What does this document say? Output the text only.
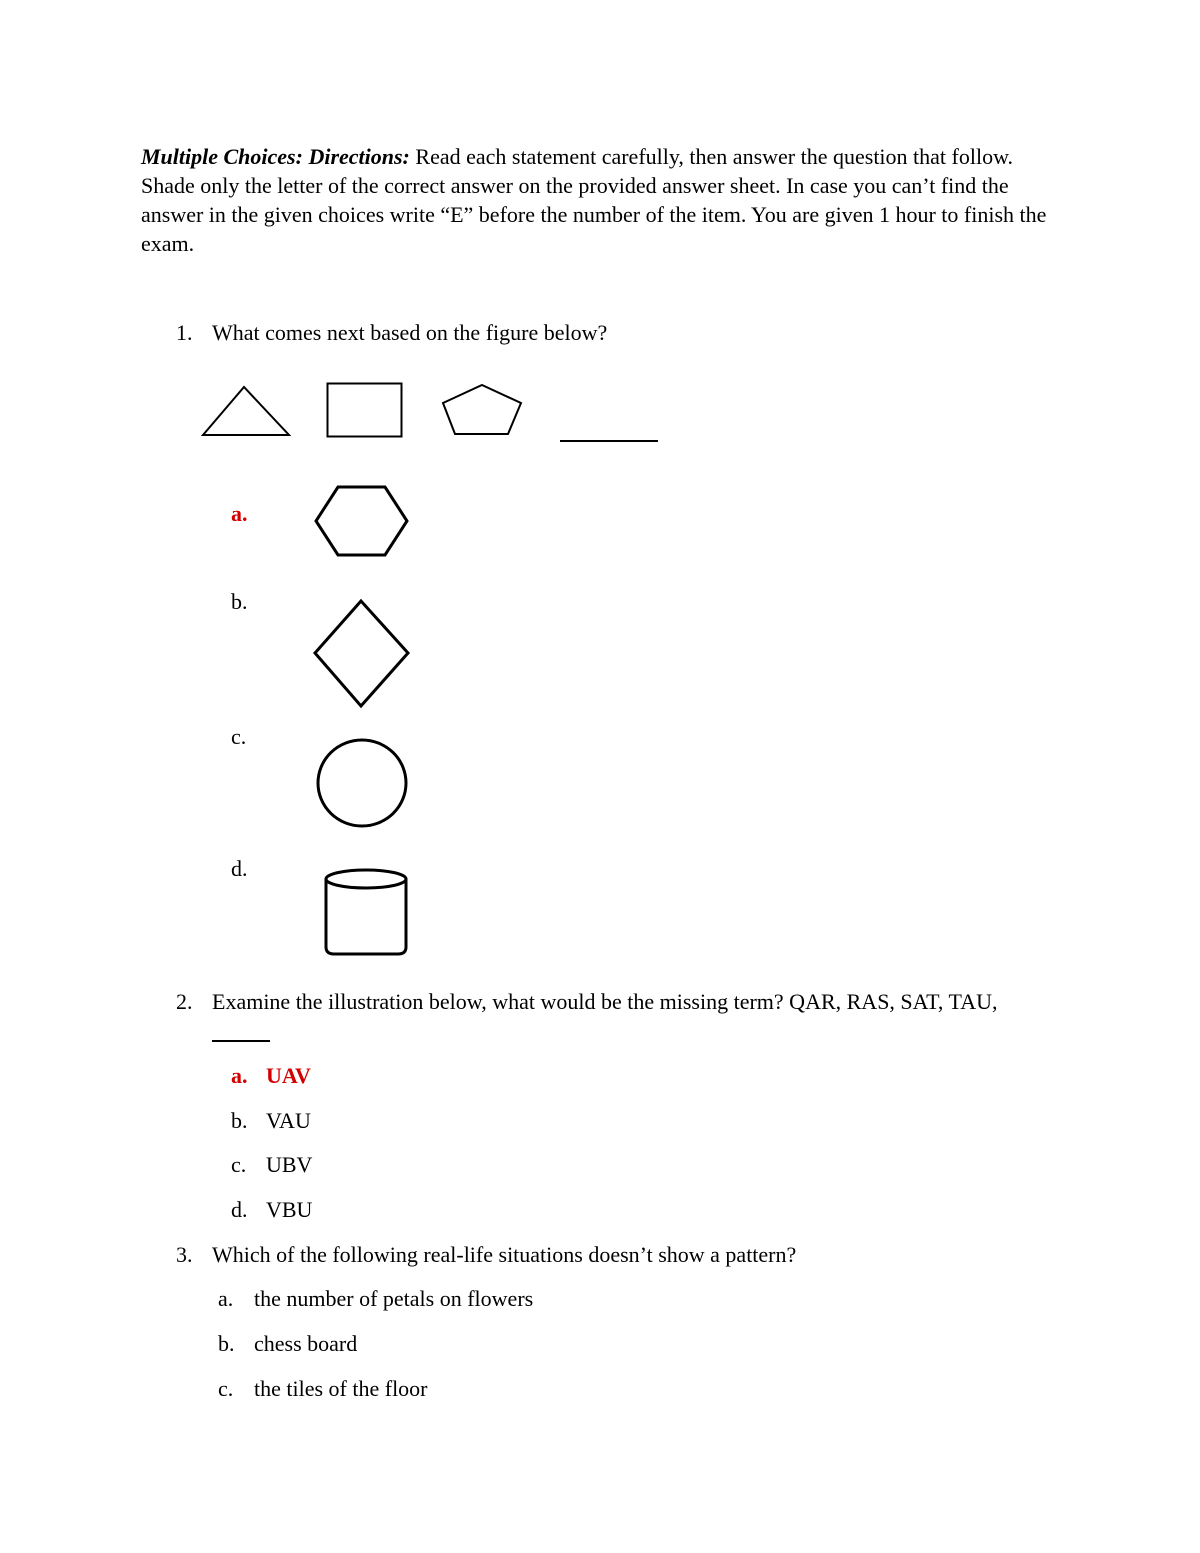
Multiple Choices: Directions: Read each statement carefully, then answer the question that follow. Shade only the letter of the correct answer on the provided answer sheet. In case you can’t find the answer in the given choices write “E” before the number of the item. You are given 1 hour to finish the exam.
1. What comes next based on the figure below?
a.
b.
c.
d.
2. Examine the illustration below, what would be the missing term? QAR, RAS, SAT, TAU,
a. UAV
b. VAU
c. UBV
d. VBU
3. Which of the following real-life situations doesn’t show a pattern?
a. the number of petals on flowers
b. chess board
c. the tiles of the floor
